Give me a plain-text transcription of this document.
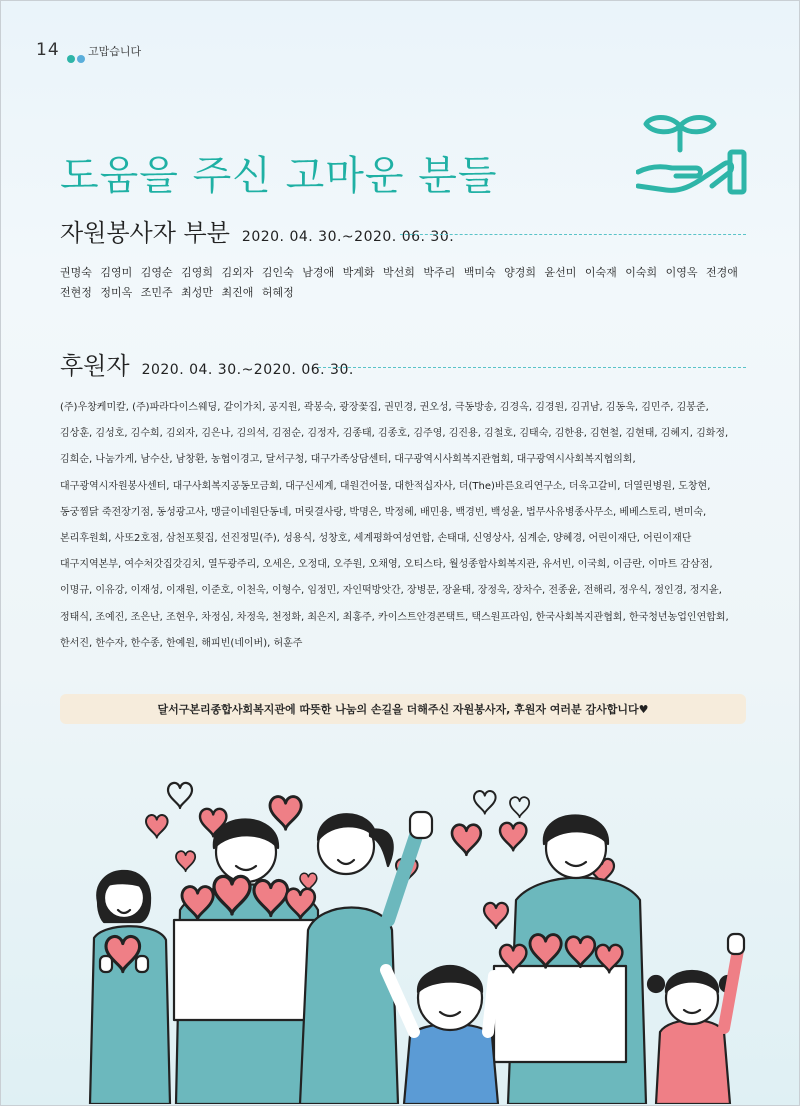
14	고맙습니다
도움을 주신 고마운 분들
자원봉사자 부분 2020. 04. 30.~2020. 06. 30.
권명숙 김영미 김영순 김영희 김외자 김인숙 남경애 박계화 박선희 박주리 백미숙 양경희 윤선미 이숙재 이숙희 이영옥 전경애 전현정 정미옥 조민주 최성만 최진애 허혜정
후원자 2020. 04. 30.~2020. 06. 30.
(주)우창케미칼, (주)파라다이스웨딩, 같이가치, 공지원, 곽봉숙, 광장꽃집, 권민경, 권오성, 극동방송, 김경옥, 김경원, 김귀남, 김동욱, 김민주, 김봉준,
김상훈, 김성호, 김수희, 김외자, 김은나, 김의석, 김점순, 김정자, 김종태, 김종호, 김주영, 김진용, 김철호, 김태숙, 김한용, 김현철, 김현태, 김혜지, 김화정,
김희순, 나눔가게, 남수산, 남창환, 농협이경고, 달서구청, 대구가족상담센터, 대구광역시사회복지관협회, 대구광역시사회복지협의회,
대구광역시자원봉사센터, 대구사회복지공동모금회, 대구신세계, 대원건어물, 대한적십자사, 더(The)바른요리연구소, 더욱고갈비, 더열린병원, 도창현,
동궁찜닭 죽전장기점, 동성광고사, 맹글이네원단동네, 머릿결사랑, 박명은, 박정혜, 배민용, 백경빈, 백성윤, 법무사유병종사무소, 베베스토리, 변미숙,
본리후원회, 사또2호점, 삼천포횟집, 선진정밀(주), 성용식, 성창호, 세계평화여성연합, 손태대, 신영상사, 심계순, 양혜경, 어린이재단, 어린이재단
대구지역본부, 여수처갓집갓김치, 열두광주리, 오세은, 오정대, 오주원, 오채영, 오티스타, 월성종합사회복지관, 유서빈, 이국희, 이금란, 이마트 감삼점,
이명규, 이유강, 이재성, 이재원, 이준호, 이천욱, 이형수, 임정민, 자인떡방앗간, 장병문, 장윤태, 장정욱, 장차수, 전종윤, 전해리, 정우식, 정인경, 정지윤,
정태식, 조예진, 조은난, 조현우, 차정심, 차정욱, 천정화, 최은지, 최홍주, 카이스트안경콘택트, 택스원프라임, 한국사회복지관협회, 한국청년농업인연합회,
한서진, 한수자, 한수종, 한예원, 해피빈(네이버), 허훈주
달서구본리종합사회복지관에 따뜻한 나눔의 손길을 더해주신 자원봉사자, 후원자 여러분 감사합니다♥
